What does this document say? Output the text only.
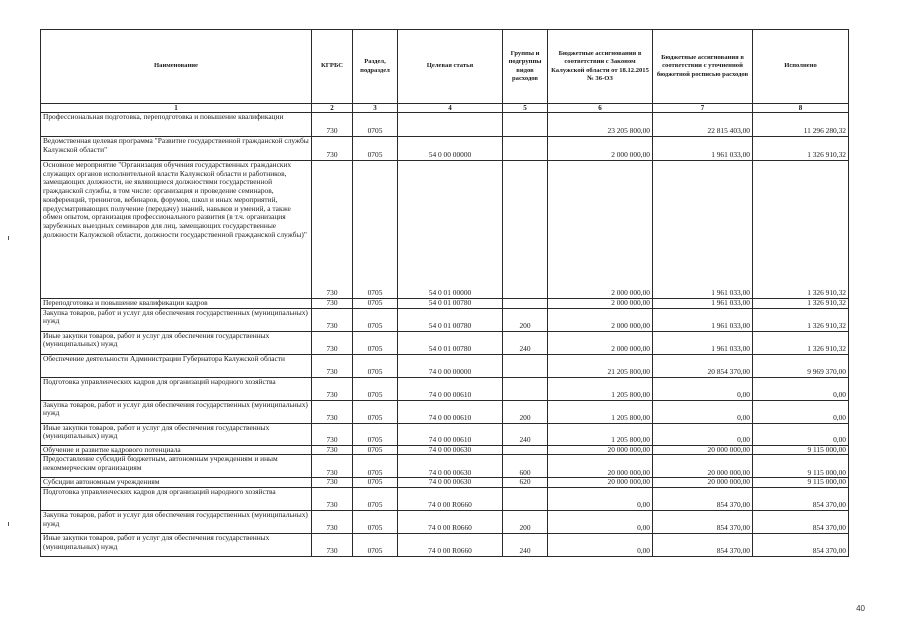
Наименование	КГРБС	Раздел, подраздел	Целевая статья	Группы и подгруппы видов расходов	Бюджетные ассигнования в соответствии с Законом Калужской области от 18.12.2015 № 36-ОЗ	Бюджетные ассигнования в соответствии с уточненной бюджетной росписью расходов	Исполнено
1	2	3	4	5	6	7	8
Профессиональная подготовка, переподготовка и повышение квалификации	730	0705			23 205 800,00	22 815 403,00	11 296 280,32
Ведомственная целевая программа "Развитие государственной гражданской службы Калужской области"	730	0705	54 0 00 00000		2 000 000,00	1 961 033,00	1 326 910,32
Основное мероприятие "Организация обучения государственных гражданских служащих органов исполнительной власти Калужской области и работников, замещающих должности, не являющиеся должностями государственной гражданской службы, в том числе: организация и проведение семинаров, конференций, тренингов, вебинаров, форумов, школ и иных мероприятий, предусматривающих получение (передачу) знаний, навыков и умений, а также обмен опытом, организация профессионального развития (в т.ч. организация зарубежных выездных семинаров для лиц, замещающих государственные должности Калужской области, должности государственной гражданской службы)"	730	0705	54 0 01 00000		2 000 000,00	1 961 033,00	1 326 910,32
Переподготовка и повышение квалификации кадров	730	0705	54 0 01 00780		2 000 000,00	1 961 033,00	1 326 910,32
Закупка товаров, работ и услуг для обеспечения государственных (муниципальных) нужд	730	0705	54 0 01 00780	200	2 000 000,00	1 961 033,00	1 326 910,32
Иные закупки товаров, работ и услуг для обеспечения государственных (муниципальных) нужд	730	0705	54 0 01 00780	240	2 000 000,00	1 961 033,00	1 326 910,32
Обеспечение деятельности Администрации Губернатора Калужской области	730	0705	74 0 00 00000		21 205 800,00	20 854 370,00	9 969 370,00
Подготовка управленческих кадров для организаций народного хозяйства	730	0705	74 0 00 00610		1 205 800,00	0,00	0,00
Закупка товаров, работ и услуг для обеспечения государственных (муниципальных) нужд	730	0705	74 0 00 00610	200	1 205 800,00	0,00	0,00
Иные закупки товаров, работ и услуг для обеспечения государственных (муниципальных) нужд	730	0705	74 0 00 00610	240	1 205 800,00	0,00	0,00
Обучение и развитие кадрового потенциала	730	0705	74 0 00 00630		20 000 000,00	20 000 000,00	9 115 000,00
Предоставление субсидий бюджетным, автономным учреждениям и иным некоммерческим организациям	730	0705	74 0 00 00630	600	20 000 000,00	20 000 000,00	9 115 000,00
Субсидии автономным учреждениям	730	0705	74 0 00 00630	620	20 000 000,00	20 000 000,00	9 115 000,00
Подготовка управленческих кадров для организаций народного хозяйства	730	0705	74 0 00 R0660		0,00	854 370,00	854 370,00
Закупка товаров, работ и услуг для обеспечения государственных (муниципальных) нужд	730	0705	74 0 00 R0660	200	0,00	854 370,00	854 370,00
Иные закупки товаров, работ и услуг для обеспечения государственных (муниципальных) нужд	730	0705	74 0 00 R0660	240	0,00	854 370,00	854 370,00
40
